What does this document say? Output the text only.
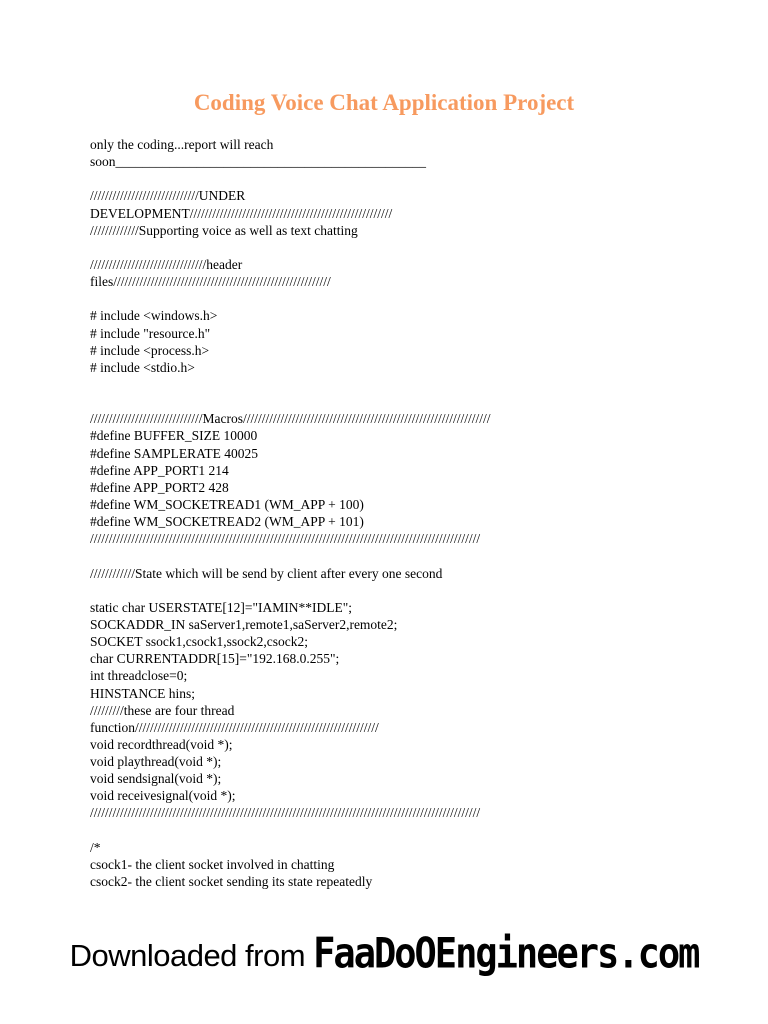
Coding Voice Chat Application Project
only the coding...report will reach
soon______________________________________________
/////////////////////////////UNDER
DEVELOPMENT//////////////////////////////////////////////////////
/////////////Supporting voice as well as text chatting
///////////////////////////////header
files//////////////////////////////////////////////////////////
# include <windows.h>
# include "resource.h"
# include <process.h>
# include <stdio.h>
//////////////////////////////Macros//////////////////////////////////////////////////////////////////
#define BUFFER_SIZE 10000
#define SAMPLERATE 40025
#define APP_PORT1 214
#define APP_PORT2 428
#define WM_SOCKETREAD1 (WM_APP + 100)
#define WM_SOCKETREAD2 (WM_APP + 101)
////////////////////////////////////////////////////////////////////////////////////////////////////////
////////////State which will be send by client after every one second
static char USERSTATE[12]="IAMIN**IDLE";
SOCKADDR_IN saServer1,remote1,saServer2,remote2;
SOCKET ssock1,csock1,ssock2,csock2;
char CURRENTADDR[15]="192.168.0.255";
int threadclose=0;
HINSTANCE hins;
/////////these are four thread
function/////////////////////////////////////////////////////////////////
void recordthread(void *);
void playthread(void *);
void sendsignal(void *);
void receivesignal(void *);
////////////////////////////////////////////////////////////////////////////////////////////////////////
/*
csock1- the client socket involved in chatting
csock2- the client socket sending its state repeatedly
Downloaded from FaaDoOEngineers.com
